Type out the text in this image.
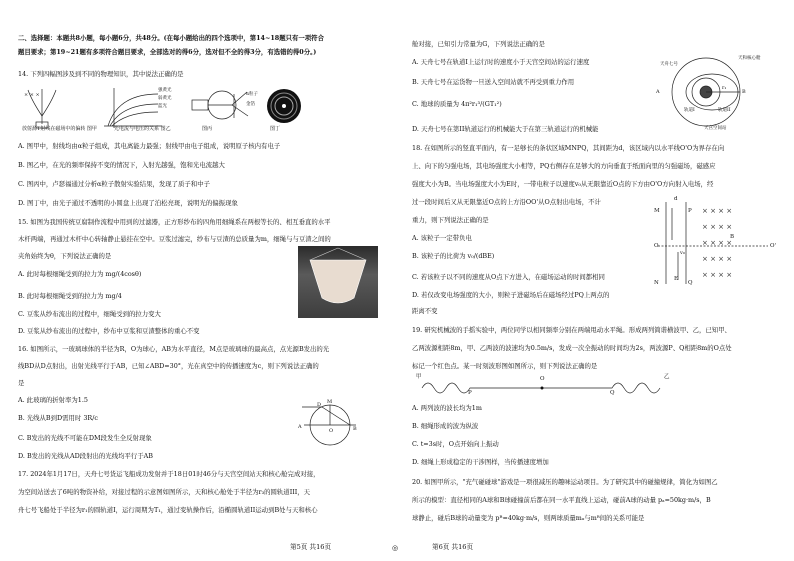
二、选择题：本题共8小题，每小题6分，共48分。(在每小题给出的四个选项中，第14~18题只有一项符合
题目要求；第19~21题有多项符合题目要求，全部选对的得6分，选对但不全的得3分，有选错的得0分。)
14. 下列四幅图涉及到不同的物理知识，其中说法正确的是
× × ×
放射源T射线在磁场中的偏转 图甲	光电流与电压的关系 图乙	图丙	图丁
强黄光
弱黄光
蓝光
α粒子
金箔
A. 图甲中，射线均由α粒子组成，其电离能力最强；射线甲由电子组成，说明原子核内有电子
B. 图乙中，在光的频率保持不变的情况下，入射光越强，饱和光电流越大
C. 图丙中，卢瑟福通过分析α粒子散射实验结果，发现了质子和中子
D. 图丁中，由光子通过不透明的小圆盘上出现了泊松亮斑，说明光的偏振现象
15. 如图为我国传统豆腐制作流程中用到的过滤器，正方形纱布的四角用细绳系在两根等长的、相互垂直的水平
木杆两端，再通过木杆中心转轴静止悬挂在空中。豆浆过滤完，纱布与豆渣的总质量为m，细绳与与豆渣之间的
夹角始终为θ，下列说法正确的是
A. 此时每根细绳受到的拉力为 mg/(4cosθ)
B. 此时每根细绳受到的拉力为 mg/4
C. 豆浆从纱布流出的过程中，细绳受到的拉力变大
D. 豆浆从纱布流出的过程中，纱布中豆浆和豆渣整体的重心不变
16. 如图所示，一玻璃球体的半径为R，O为球心，AB为水平直径，M点是玻璃球的最高点，点光源B发出的光
线BD从D点射出，出射光线平行于AB，已知∠ABD=30°，光在真空中的传播速度为c，则下列说法正确的
是
A. 此玻璃的折射率为1.5
B. 光线从B到D需用时 3R/c
C. B发出的光线不可能在DM段发生全反射现象
D. B发出的光线从AD段射出的光线均平行于AB
A	B
M
D
O
17. 2024年1月17日，天舟七号货运飞船成功发射并于18日01时46分与天宫空间站天和核心舱完成对接，
为空间站送去了6吨的物资补给，对接过程的示意图如图所示，天和核心舱处于半径为r₃的圆轨道III，天
舟七号飞船处于半径为r₁的圆轨道I，运行周期为T₁，通过变轨操作后，沿椭圆轨道II运动到B处与天和核心
第5页 共16页	◎
舱对接，已知引力常量为G，下列说法正确的是
A. 天舟七号在轨道I上运行时的速度小于天宫空间站的运行速度
B. 天舟七号在运货物一旦送入空间站就不再受到重力作用
C. 地球的质量为 4π²r₁³/(GT₁²)
D. 天舟七号在第II轨道运行的机械能大于在第三轨道运行的机械能
r₁
天舟七号
天和核心舱
轨道I	轨道II
天宫空间站
A	B
18. 在如图所示的竖直平面内，有一足够长的条状区域MNPQ，其间距为d，该区域内以水平线O'O为界存在向
上、向下的匀强电场，其电场强度大小相等，PQ右侧存在足够大的方向垂直于纸面向里的匀强磁场，磁感应
强度大小为B。当电场强度大小为E时，一带电粒子以速度v₀从无限靠近O点的下方由O'O方向射入电场，经
过一段时间后又从无限靠近O点的上方沿OO'从O点射出电场，不计
重力，则下列说法正确的是
A. 该粒子一定带负电
B. 该粒子的比荷为 v₀/(dBE)
C. 若该粒子以不同的速度从O点下方进入，在磁场运动的时间都相同
D. 若仅改变电场强度的大小，则粒子进磁场后在磁场经过PQ上两点的
距离不变
M
N
O	O'
P
Q
d
E
B
v₀
× × × ×
× × × ×
× × × ×
× × × ×
× × × ×
19. 研究机械波的手摇实验中，两位同学以相同频率分别在两端甩动水平绳。形成两列简谐横波甲、乙，已知甲、
乙两波源相距8m，甲、乙两波的波速均为0.5m/s，发成一次全振动的时间均为2s，两波源P、Q相距8m的O点处
标记一个红色点。某一时刻波形图如图所示，则下列说法正确的是
甲
P
O
Q
乙
A. 两列波的波长均为1m
B. 细绳形成的波为纵波
C. t=3s时，O点开始向上振动
D. 细绳上形成稳定的干涉图样，当传播速度增加
20. 如图甲所示，"充气碰碰球"游戏是一项很减压的趣味运动项目。为了研究其中的碰撞规律，简化为如图乙
所示的模型：直径相同的A球和B球碰撞前后都在同一水平直线上运动，碰前A球的动量 pₐ=50kg·m/s，B
球静止，碰后B球的动量变为 pᴮ=40kg·m/s，则两球质量mₐ与mᴮ间的关系可能是
第6页 共16页
